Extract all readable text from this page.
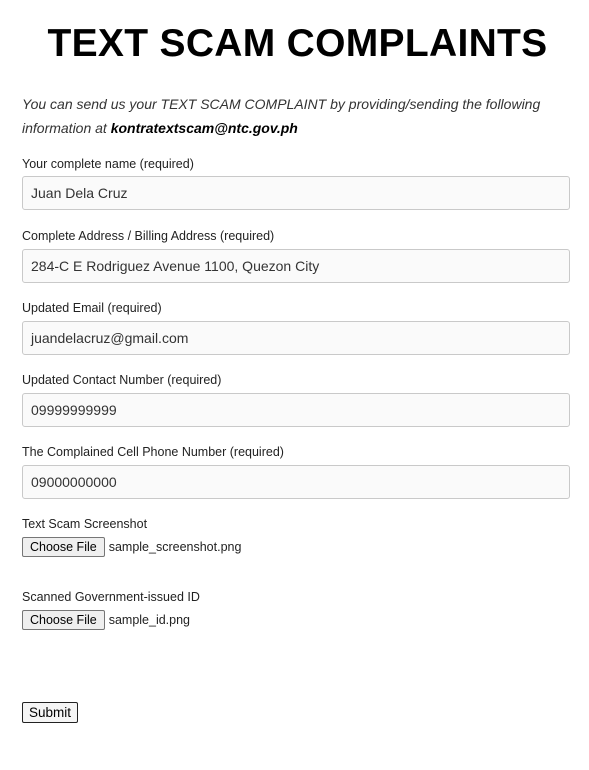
TEXT SCAM COMPLAINTS
You can send us your TEXT SCAM COMPLAINT by providing/sending the following information at kontratextscam@ntc.gov.ph
Your complete name (required)
Juan Dela Cruz
Complete Address / Billing Address (required)
284-C E Rodriguez Avenue 1100, Quezon City
Updated Email (required)
juandelacruz@gmail.com
Updated Contact Number (required)
09999999999
The Complained Cell Phone Number (required)
09000000000
Text Scam Screenshot
Choose File sample_screenshot.png
Scanned Government-issued ID
Choose File sample_id.png
Submit
